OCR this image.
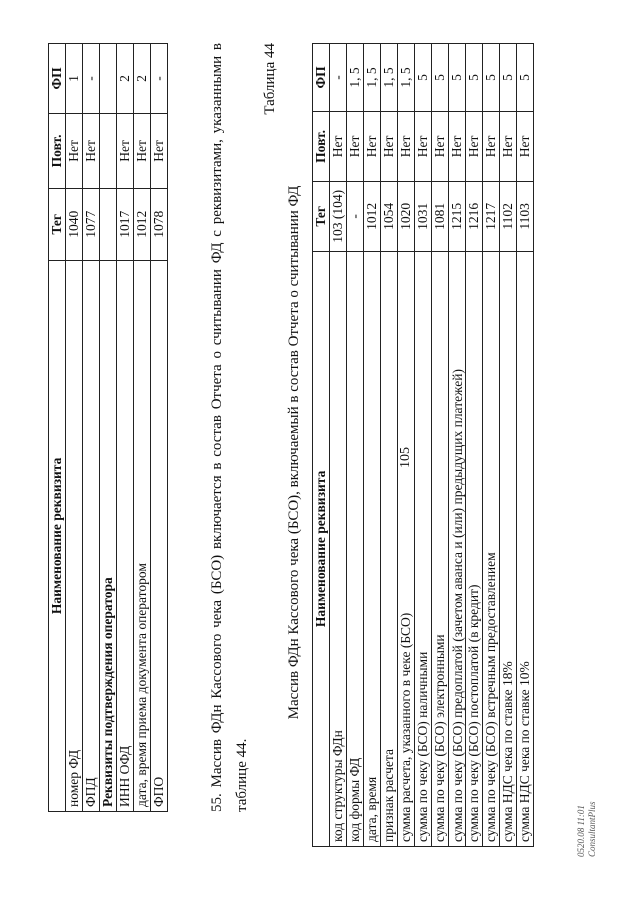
Наименование реквизита	Тег	Повт.	ФП
номер ФД	1040	Нет	1
ФПД	1077	Нет	-
Реквизиты подтверждения оператора			
ИНН ОФД	1017	Нет	2
дата, время приема документа оператором	1012	Нет	2
ФПО	1078	Нет	-
105
55. Массив ФДн Кассового чека (БСО) включается в состав Отчета о считывании ФД с реквизитами, указанными в таблице 44.
Таблица 44
Массив ФДн Кассового чека (БСО), включаемый в состав Отчета о считывании ФД Наименование реквизита	Тег	Повт.	ФП
код структуры ФДн	103 (104)	Нет	-
код формы ФД	-	Нет	1, 5
дата, время	1012	Нет	1, 5
признак расчета	1054	Нет	1, 5
сумма расчета, указанного в чеке (БСО)	1020	Нет	1, 5
сумма по чеку (БСО) наличными	1031	Нет	5
сумма по чеку (БСО) электронными	1081	Нет	5
сумма по чеку (БСО) предоплатой (зачетом аванса и (или) предыдущих платежей)	1215	Нет	5
сумма по чеку (БСО) постоплатой (в кредит)	1216	Нет	5
сумма по чеку (БСО) встречным предоставлением	1217	Нет	5
сумма НДС чека по ставке 18%	1102	Нет	5
сумма НДС чека по ставке 10%	1103	Нет	5
0520.08 11:01 ConsultantPlus
